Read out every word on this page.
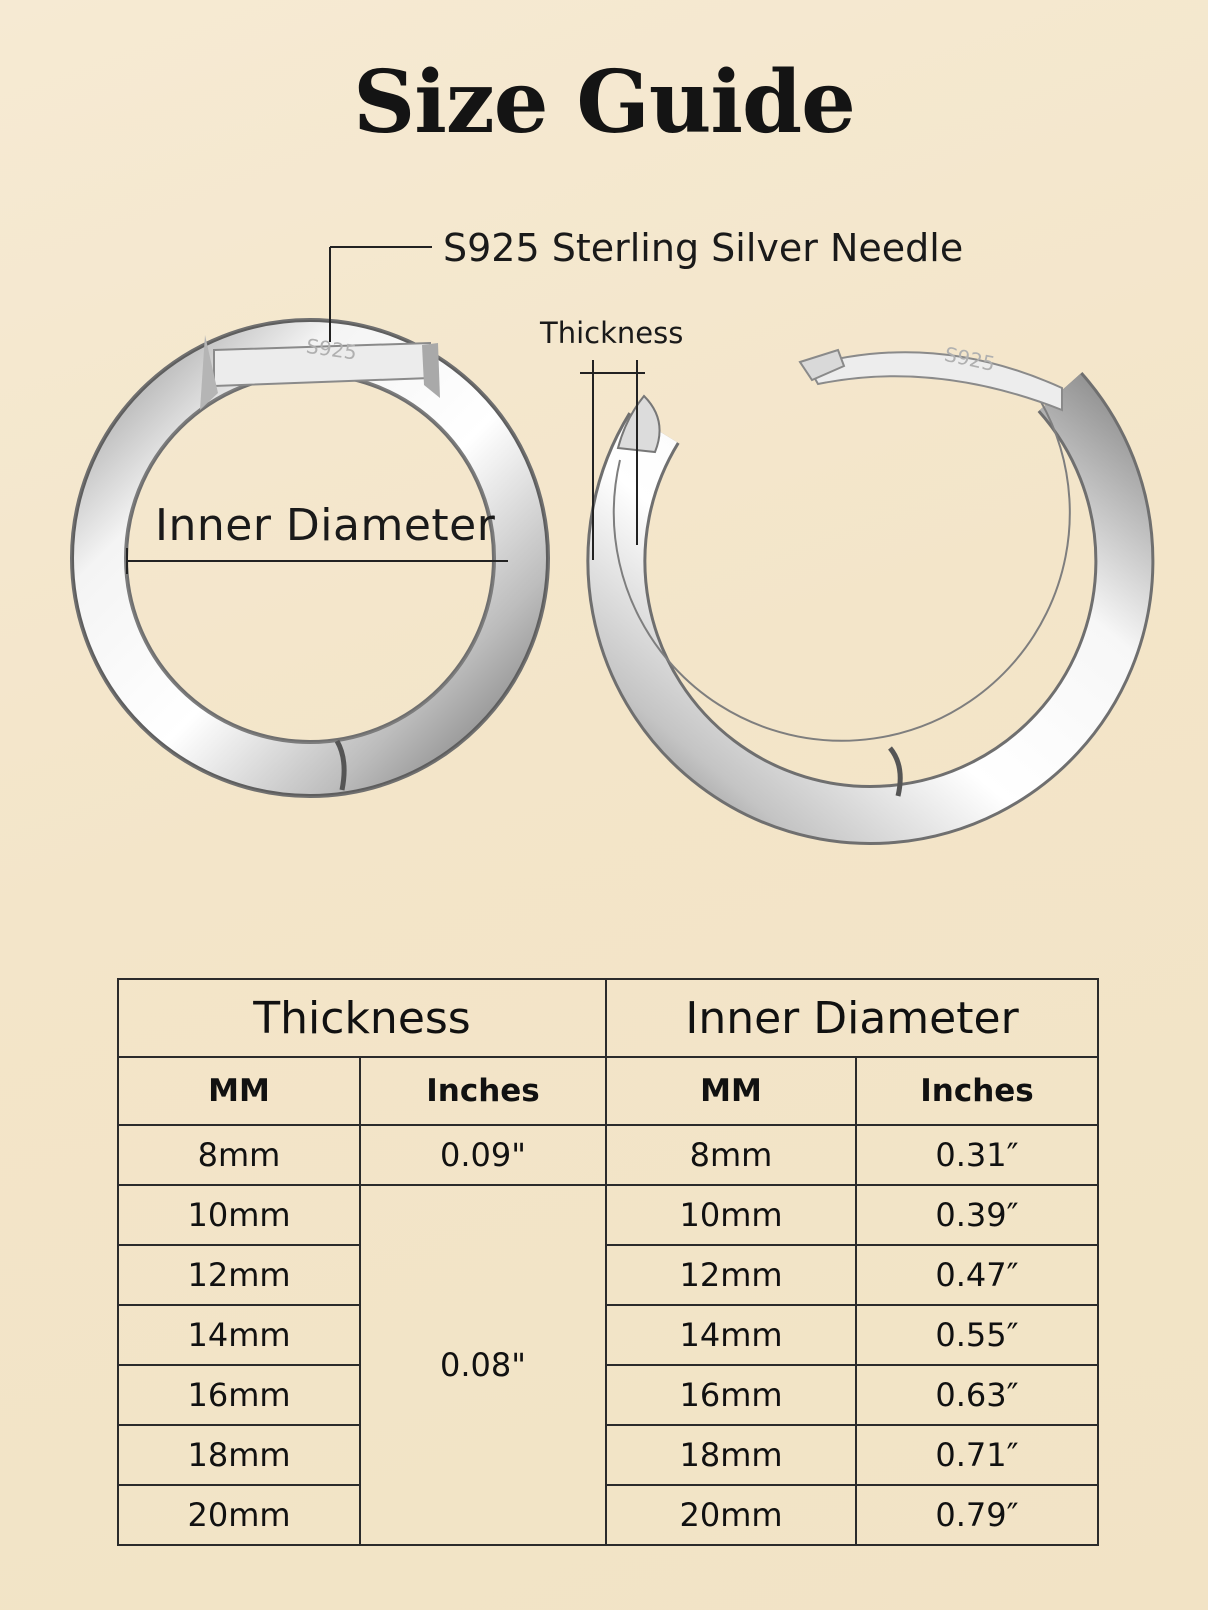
Size Guide
S925	S925
S925 Sterling Silver Needle
Thickness
Inner Diameter
Thickness		Inner Diameter	
MM	Inches	MM	Inches
8mm	0.09"	8mm	0.31″
10mm	0.08"	10mm	0.39″
12mm		12mm	0.47″
14mm		14mm	0.55″
16mm		16mm	0.63″
18mm		18mm	0.71″
20mm		20mm	0.79″
